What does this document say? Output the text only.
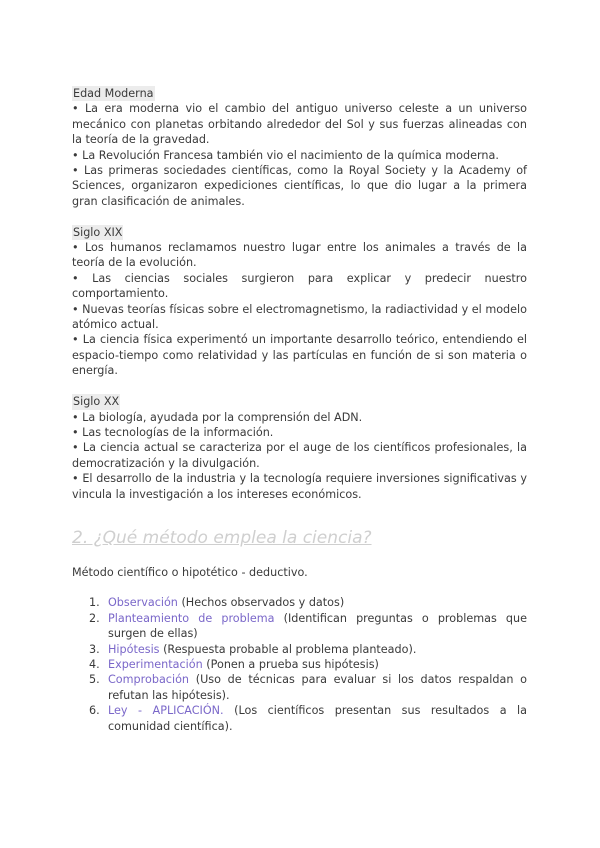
Edad Moderna

• La era moderna vio el cambio del antiguo universo celeste a un universo mecánico con planetas orbitando alrededor del Sol y sus fuerzas alineadas con la teoría de la gravedad.

• La Revolución Francesa también vio el nacimiento de la química moderna.

• Las primeras sociedades científicas, como la Royal Society y la Academy of Sciences, organizaron expediciones científicas, lo que dio lugar a la primera gran clasificación de animales.

Siglo XIX

• Los humanos reclamamos nuestro lugar entre los animales a través de la teoría de la evolución.

• Las ciencias sociales surgieron para explicar y predecir nuestro comportamiento.

• Nuevas teorías físicas sobre el electromagnetismo, la radiactividad y el modelo atómico actual.

• La ciencia física experimentó un importante desarrollo teórico, entendiendo el espacio-tiempo como relatividad y las partículas en función de si son materia o energía.

Siglo XX

• La biología, ayudada por la comprensión del ADN.

• Las tecnologías de la información.

• La ciencia actual se caracteriza por el auge de los científicos profesionales, la democratización y la divulgación.

• El desarrollo de la industria y la tecnología requiere inversiones significativas y vincula la investigación a los intereses económicos.

2. ¿Qué método emplea la ciencia?

Método científico o hipotético - deductivo.

1. Observación (Hechos observados y datos)
2. Planteamiento de problema (Identifican preguntas o problemas que surgen de ellas)
3. Hipótesis (Respuesta probable al problema planteado).
4. Experimentación (Ponen a prueba sus hipótesis)
5. Comprobación (Uso de técnicas para evaluar si los datos respaldan o refutan las hipótesis).
6. Ley - APLICACIÓN. (Los científicos presentan sus resultados a la comunidad científica).
